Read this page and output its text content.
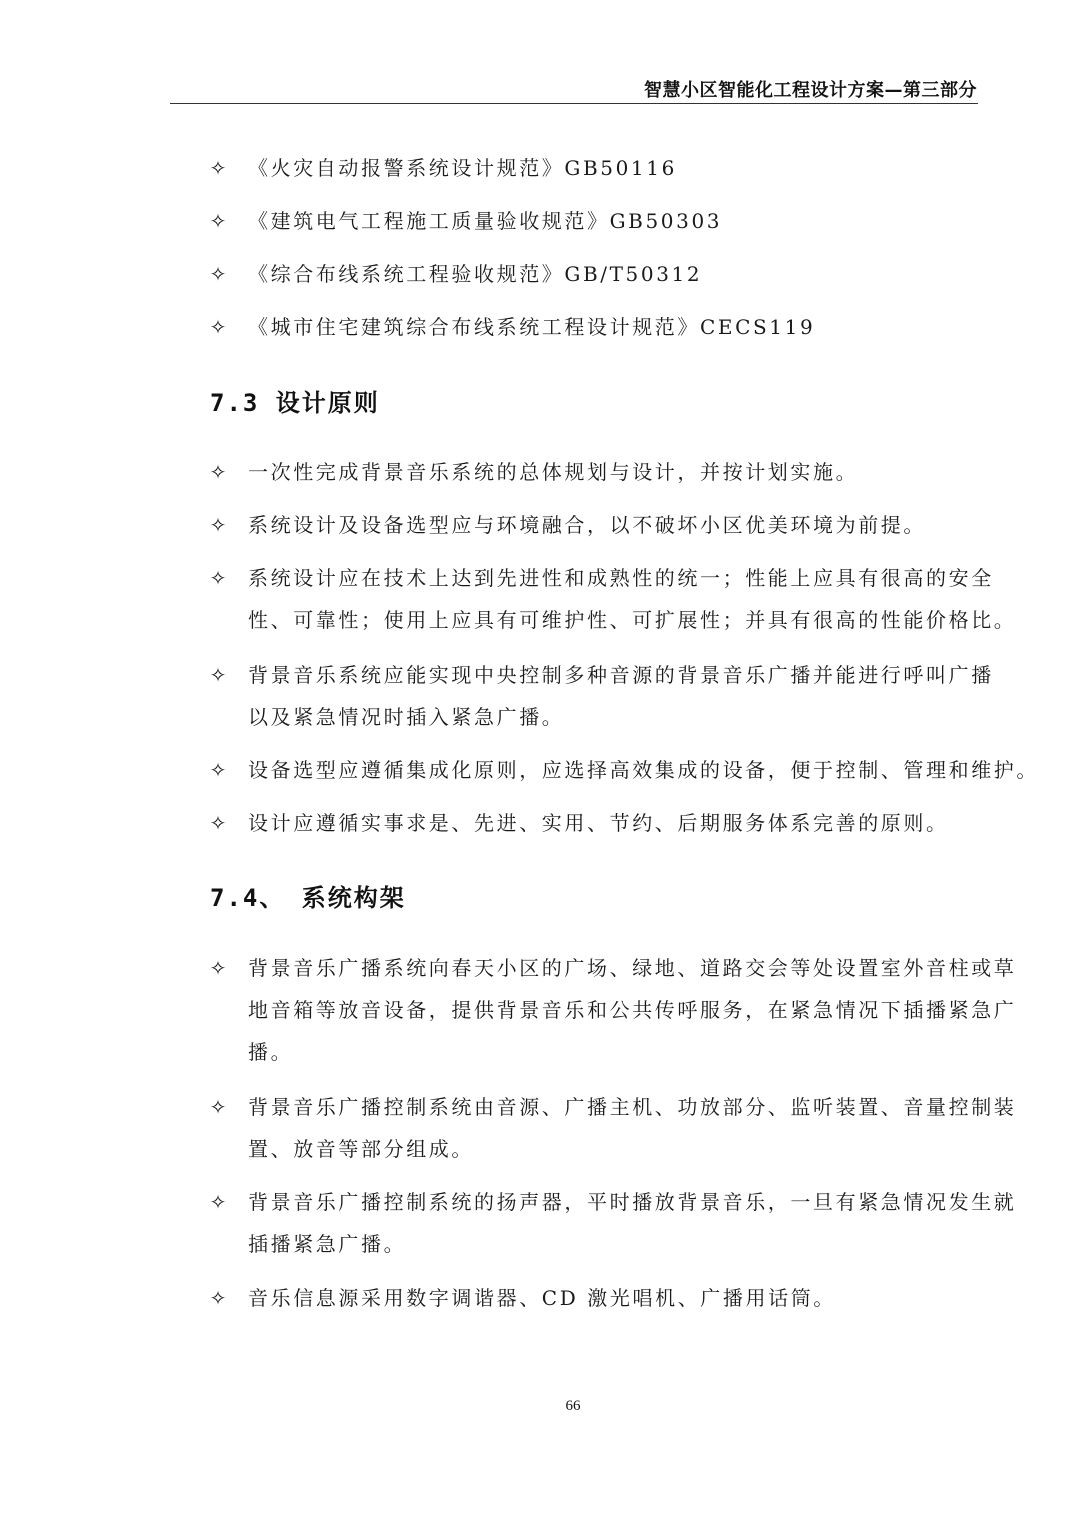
智慧小区智能化工程设计方案—第三部分
✧ 《火灾自动报警系统设计规范》GB50116
✧ 《建筑电气工程施工质量验收规范》GB50303
✧ 《综合布线系统工程验收规范》GB/T50312
✧ 《城市住宅建筑综合布线系统工程设计规范》CECS119
7.3 设计原则
✧ 一次性完成背景音乐系统的总体规划与设计，并按计划实施。
✧ 系统设计及设备选型应与环境融合，以不破坏小区优美环境为前提。
✧ 系统设计应在技术上达到先进性和成熟性的统一；性能上应具有很高的安全
性、可靠性；使用上应具有可维护性、可扩展性；并具有很高的性能价格比。
✧ 背景音乐系统应能实现中央控制多种音源的背景音乐广播并能进行呼叫广播
以及紧急情况时插入紧急广播。
✧ 设备选型应遵循集成化原则，应选择高效集成的设备，便于控制、管理和维护。
✧ 设计应遵循实事求是、先进、实用、节约、后期服务体系完善的原则。
7.4、 系统构架
✧ 背景音乐广播系统向春天小区的广场、绿地、道路交会等处设置室外音柱或草
地音箱等放音设备，提供背景音乐和公共传呼服务，在紧急情况下插播紧急广
播。
✧ 背景音乐广播控制系统由音源、广播主机、功放部分、监听装置、音量控制装
置、放音等部分组成。
✧ 背景音乐广播控制系统的扬声器，平时播放背景音乐，一旦有紧急情况发生就
插播紧急广播。
✧ 音乐信息源采用数字调谐器、CD 激光唱机、广播用话筒。
66
